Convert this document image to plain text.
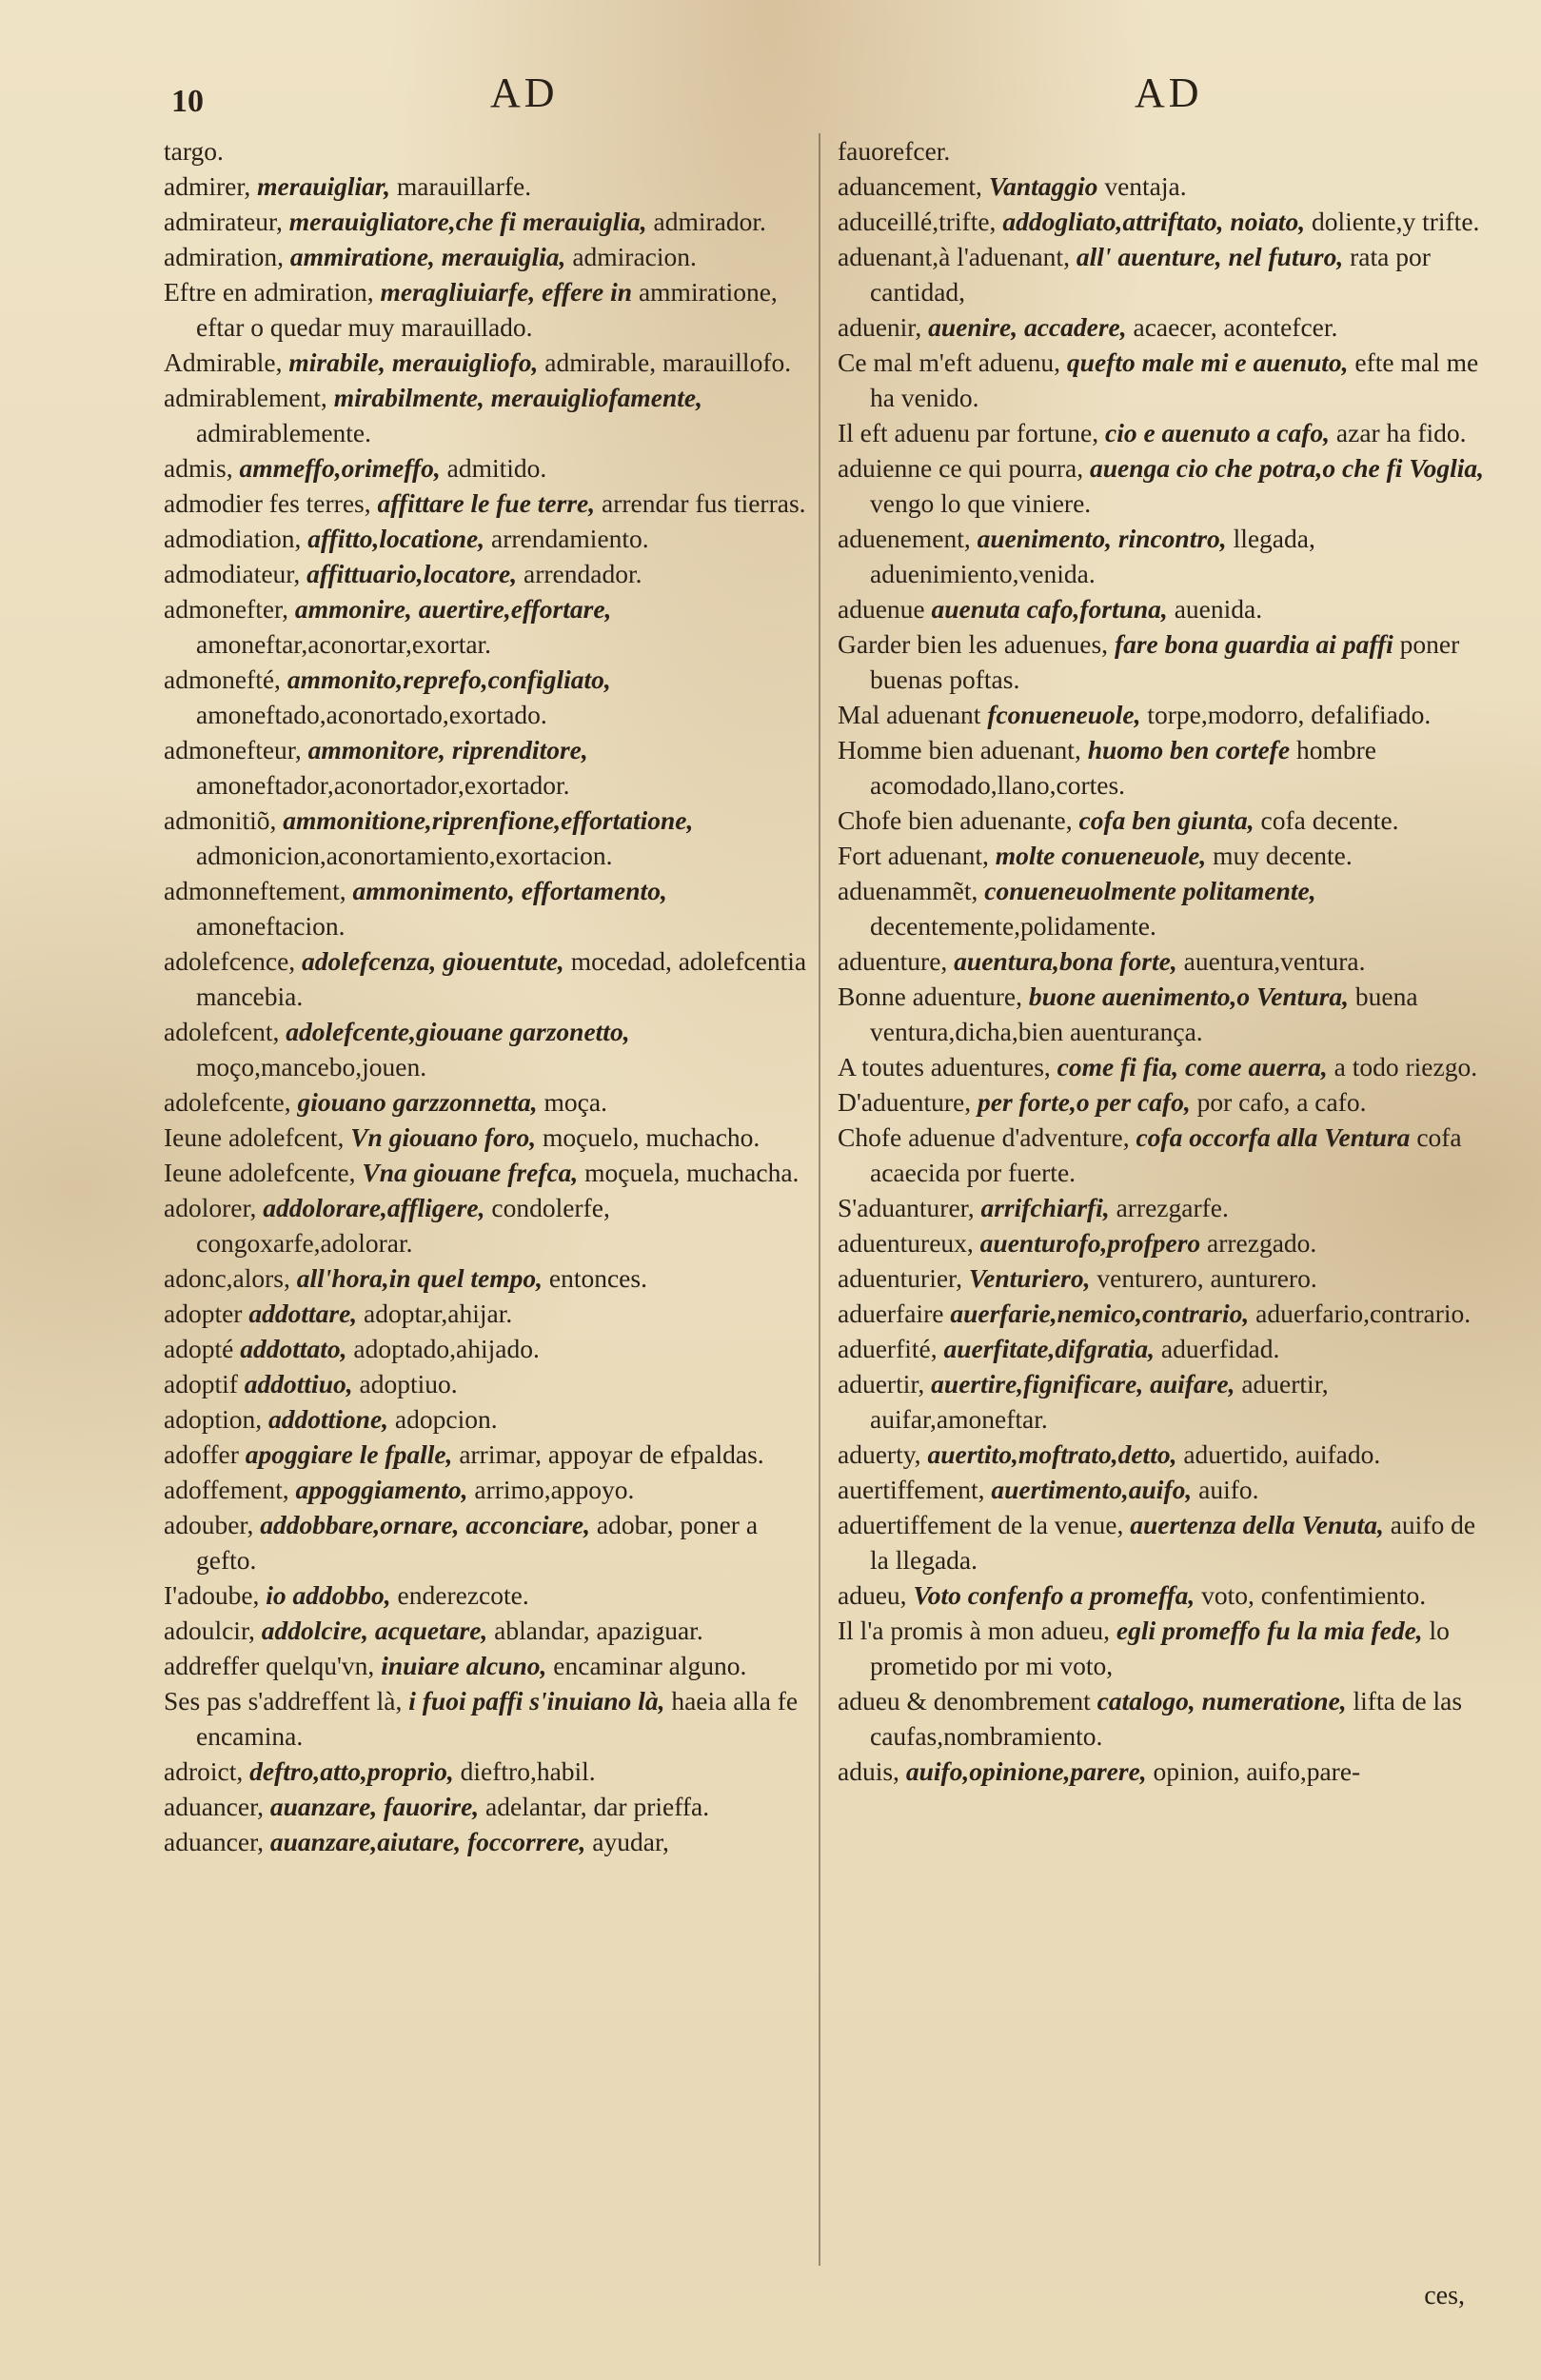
10	AD	AD

targo.

admirer, merauigliar, marauillarfe.

admirateur, merauigliatore,che fi merauiglia, admirador.

admiration, ammiratione, merauiglia, admiracion.

Eftre en admiration, meragliuiarfe, effere in ammiratione, eftar o quedar muy marauillado.

Admirable, mirabile, merauigliofo, admirable, marauillofo.

admirablement, mirabilmente, merauigliofamente, admirablemente.

admis, ammeffo,orimeffo, admitido.

admodier fes terres, affittare le fue terre, arrendar fus tierras.

admodiation, affitto,locatione, arrendamiento.

admodiateur, affittuario,locatore, arrendador.

admonefter, ammonire, auertire,effortare, amoneftar,aconortar,exortar.

admonefté, ammonito,reprefo,configliato, amoneftado,aconortado,exortado.

admonefteur, ammonitore, riprenditore, amoneftador,aconortador,exortador.

admonitiõ, ammonitione,riprenfione,effortatione, admonicion,aconortamiento,exortacion.

admonneftement, ammonimento, effortamento, amoneftacion.

adolefcence, adolefcenza, giouentute, mocedad, adolefcentia mancebia.

adolefcent, adolefcente,giouane garzonetto, moço,mancebo,jouen.

adolefcente, giouano garzzonnetta, moça.

Ieune adolefcent, Vn giouano foro, moçuelo, muchacho.

Ieune adolefcente, Vna giouane frefca, moçuela, muchacha.

adolorer, addolorare,affligere, condolerfe, congoxarfe,adolorar.

adonc,alors, all'hora,in quel tempo, entonces.

adopter addottare, adoptar,ahijar.

adopté addottato, adoptado,ahijado.

adoptif addottiuo, adoptiuo.

adoption, addottione, adopcion.

adoffer apoggiare le fpalle, arrimar, appoyar de efpaldas.

adoffement, appoggiamento, arrimo,appoyo.

adouber, addobbare,ornare, acconciare, adobar, poner a gefto.

I'adoube, io addobbo, enderezcote.

adoulcir, addolcire, acquetare, ablandar, apaziguar.

addreffer quelqu'vn, inuiare alcuno, encaminar alguno.

Ses pas s'addreffent là, i fuoi paffi s'inuiano là, haeia alla fe encamina.

adroict, deftro,atto,proprio, dieftro,habil.

aduancer, auanzare, fauorire, adelantar, dar prieffa.

aduancer, auanzare,aiutare, foccorrere, ayudar,

fauorefcer.

aduancement, Vantaggio ventaja.

aduceillé,trifte, addogliato,attriftato, noiato, doliente,y trifte.

aduenant,à l'aduenant, all' auenture, nel futuro, rata por cantidad,

aduenir, auenire, accadere, acaecer, acontefcer.

Ce mal m'eft aduenu, quefto male mi e auenuto, efte mal me ha venido.

Il eft aduenu par fortune, cio e auenuto a cafo, azar ha fido.

aduienne ce qui pourra, auenga cio che potra,o che fi Voglia, vengo lo que viniere.

aduenement, auenimento, rincontro, llegada, aduenimiento,venida.

aduenue auenuta cafo,fortuna, auenida.

Garder bien les aduenues, fare bona guardia ai paffi poner buenas poftas.

Mal aduenant fconueneuole, torpe,modorro, defalifiado.

Homme bien aduenant, huomo ben cortefe hombre acomodado,llano,cortes.

Chofe bien aduenante, cofa ben giunta, cofa decente.

Fort aduenant, molte conueneuole, muy decente.

aduenammẽt, conueneuolmente politamente, decentemente,polidamente.

aduenture, auentura,bona forte, auentura,ventura.

Bonne aduenture, buone auenimento,o Ventura, buena ventura,dicha,bien auenturança.

A toutes aduentures, come fi fia, come auerra, a todo riezgo.

D'aduenture, per forte,o per cafo, por cafo, a cafo.

Chofe aduenue d'adventure, cofa occorfa alla Ventura cofa acaecida por fuerte.

S'aduanturer, arrifchiarfi, arrezgarfe.

aduentureux, auenturofo,profpero arrezgado.

aduenturier, Venturiero, venturero, aunturero.

aduerfaire auerfarie,nemico,contrario, aduerfario,contrario.

aduerfité, auerfitate,difgratia, aduerfidad.

aduertir, auertire,fignificare, auifare, aduertir, auifar,amoneftar.

aduerty, auertito,moftrato,detto, aduertido, auifado.

auertiffement, auertimento,auifo, auifo.

aduertiffement de la venue, auertenza della Venuta, auifo de la llegada.

adueu, Voto confenfo a promeffa, voto, confentimiento.

Il l'a promis à mon adueu, egli promeffo fu la mia fede, lo prometido por mi voto,

adueu & denombrement catalogo, numeratione, lifta de las caufas,nombramiento.

aduis, auifo,opinione,parere, opinion, auifo,pare-

ces,
